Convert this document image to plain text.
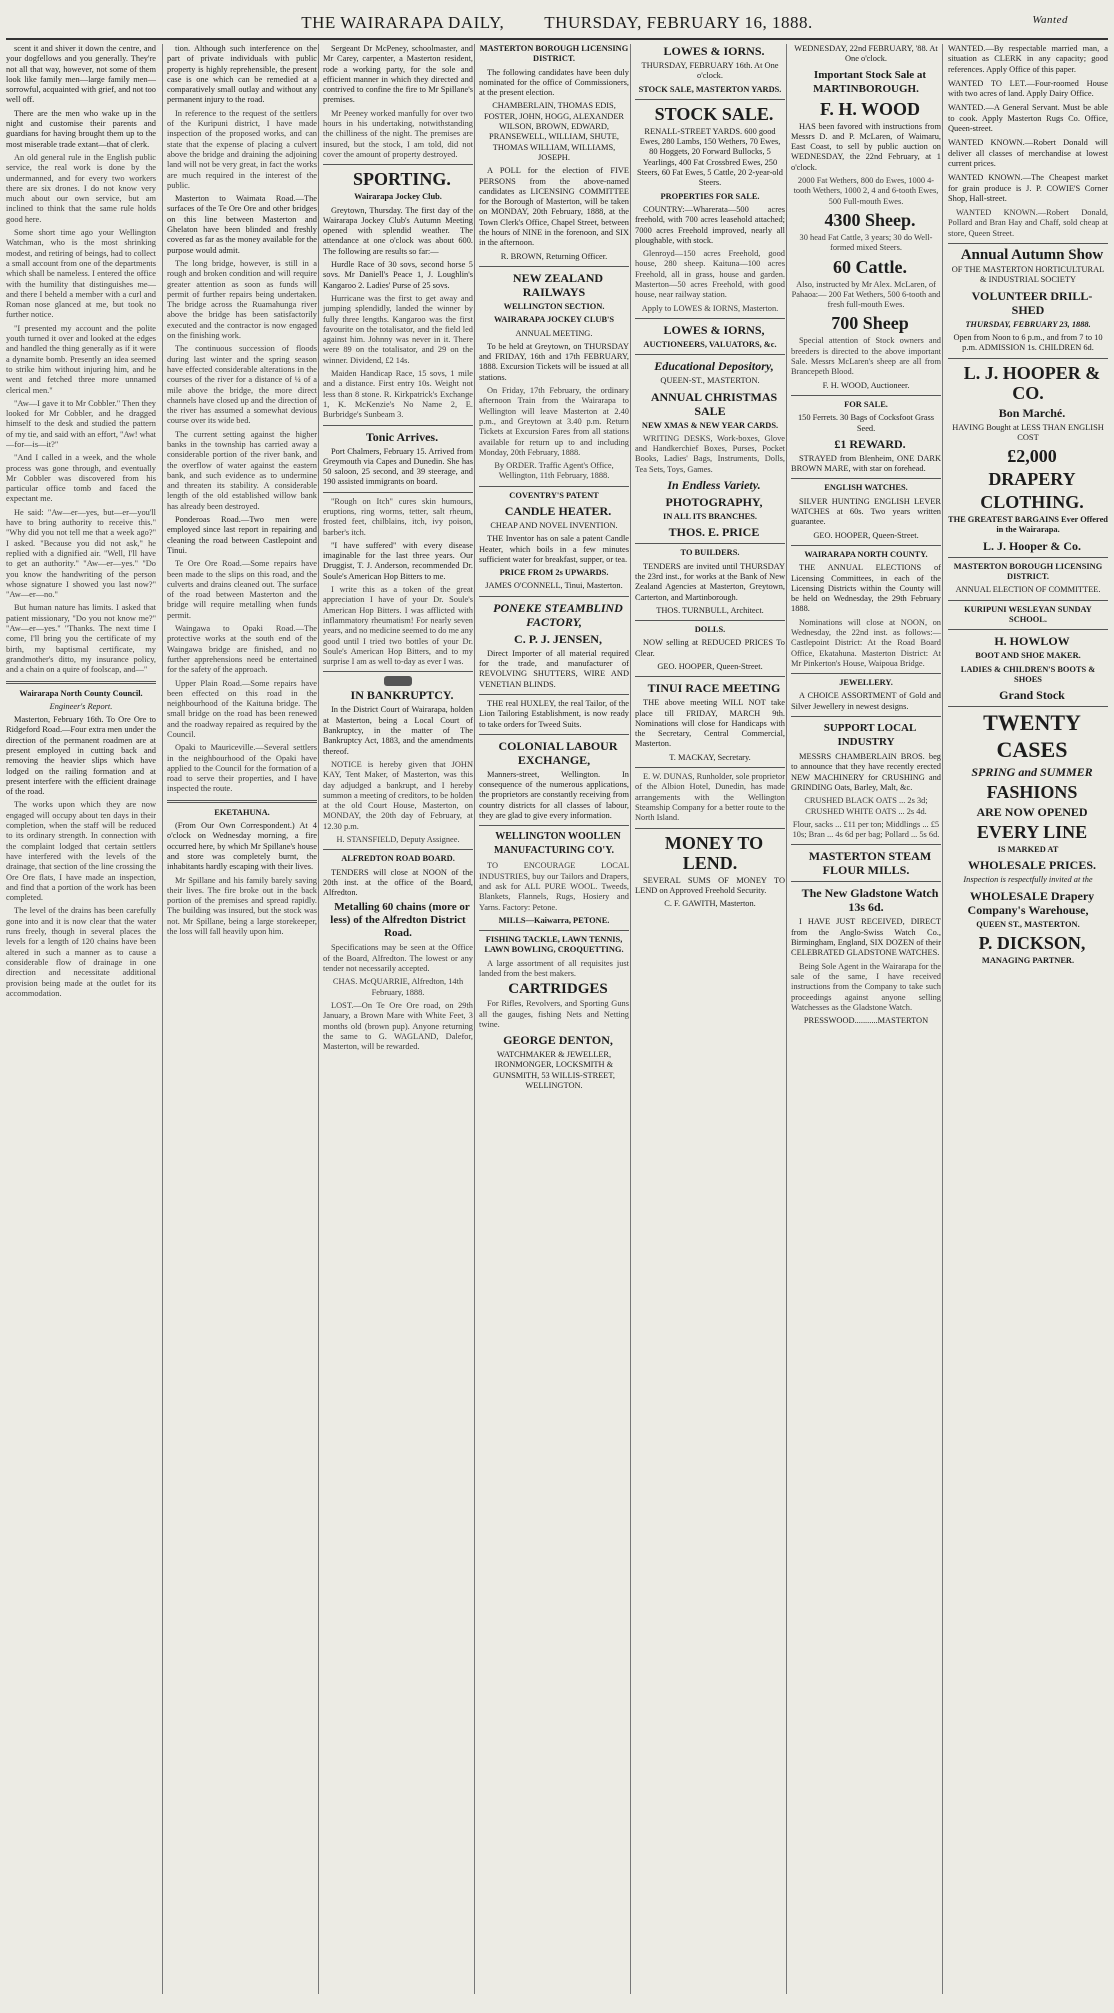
THE WAIRARAPA DAILY, THURSDAY, FEBRUARY 16, 1888.	Wanted

scent it and shiver it down the centre, and your dogfellows and you generally. They're not all that way, however, not some of them look like family men—large family men—sorrowful, acquainted with grief, and not too well off.

There are the men who wake up in the night and customise their parents and guardians for having brought them up to the most miserable trade extant—that of clerk.

An old general rule in the English public service, the real work is done by the undermanned, and for every two workers there are six drones. I do not know very much about our own service, but am inclined to think that the same rule holds good here.

Some short time ago your Wellington Watchman, who is the most shrinking modest, and retiring of beings, had to collect a small account from one of the departments which shall be nameless. I entered the office with the humility that distinguishes me—and there I beheld a member with a curl and Roman nose glanced at me, but took no further notice.

"I presented my account and the polite youth turned it over and looked at the edges and handled the thing generally as if it were a dynamite bomb. Presently an idea seemed to strike him without injuring him, and he went and fetched three more unnamed clerical men."

"Aw—I gave it to Mr Cobbler." Then they looked for Mr Cobbler, and he dragged himself to the desk and studied the pattern of my tie, and said with an effort, "Aw! what—for—is—it?"

"And I called in a week, and the whole process was gone through, and eventually Mr Cobbler was discovered from his particular office tomb and faced the expectant me.

He said: "Aw—er—yes, but—er—you'll have to bring authority to receive this." "Why did you not tell me that a week ago?" I asked. "Because you did not ask," he replied with a dignified air. "Well, I'll have to get an authority." "Aw—er—yes." "Do you know the handwriting of the person whose signature I showed you last now?" "Aw—er—no."

But human nature has limits. I asked that patient missionary, "Do you not know me?" "Aw—er—yes." "Thanks. The next time I come, I'll bring you the certificate of my birth, my baptismal certificate, my grandmother's ditto, my insurance policy, and a chain on a quire of foolscap, and—"

Wairarapa North County Council.

Engineer's Report.

Masterton, February 16th. To Ore Ore to Ridgeford Road.—Four extra men under the direction of the permanent roadmen are at present employed in cutting back and removing the heavier slips which have lodged on the railing formation and at present interfere with the efficient drainage of the road.

The works upon which they are now engaged will occupy about ten days in their completion, when the staff will be reduced to its ordinary strength. In connection with the complaint lodged that certain settlers have interfered with the levels of the drainage, that section of the line crossing the Ore Ore flats, I have made an inspection, and find that a portion of the work has been completed.

The level of the drains has been carefully gone into and it is now clear that the water runs freely, though in several places the levels for a length of 120 chains have been altered in such a manner as to cause a considerable flow of drainage in one direction and necessitate additional provision being made at the outlet for its accommodation.

tion. Although such interference on the part of private individuals with public property is highly reprehensible, the present case is one which can be remedied at a comparatively small outlay and without any permanent injury to the road.

In reference to the request of the settlers of the Kuripuni district, I have made inspection of the proposed works, and can state that the expense of placing a culvert above the bridge and draining the adjoining land will not be very great, in fact the works are much required in the interest of the public.

Masterton to Waimata Road.—The surfaces of the Te Ore Ore and other bridges on this line between Masterton and Ghelaton have been blinded and freshly covered as far as the money available for the purpose would admit.

The long bridge, however, is still in a rough and broken condition and will require greater attention as soon as funds will permit of further repairs being undertaken. The bridge across the Ruamahunga river above the bridge has been satisfactorily executed and the contractor is now engaged on the finishing work.

The continuous succession of floods during last winter and the spring season have effected considerable alterations in the courses of the river for a distance of ¼ of a mile above the bridge, the more direct channels have closed up and the direction of the river has assumed a somewhat devious course over its wide bed.

The current setting against the higher banks in the township has carried away a considerable portion of the river bank, and the overflow of water against the eastern bank, and such evidence as to undermine and threaten its stability. A considerable length of the old established willow bank has already been destroyed.

Ponderoas Road.—Two men were employed since last report in repairing and cleaning the road between Castlepoint and Tinui.

Te Ore Ore Road.—Some repairs have been made to the slips on this road, and the culverts and drains cleaned out. The surface of the road between Masterton and the bridge will require metalling when funds permit.

Waingawa to Opaki Road.—The protective works at the south end of the Waingawa bridge are finished, and no further apprehensions need be entertained for the safety of the approach.

Upper Plain Road.—Some repairs have been effected on this road in the neighbourhood of the Kaituna bridge. The small bridge on the road has been renewed and the roadway repaired as required by the Council.

Opaki to Mauriceville.—Several settlers in the neighbourhood of the Opaki have applied to the Council for the formation of a road to serve their properties, and I have inspected the route.

EKETAHUNA.

(From Our Own Correspondent.) At 4 o'clock on Wednesday morning, a fire occurred here, by which Mr Spillane's house and store was completely burnt, the inhabitants hardly escaping with their lives.

Mr Spillane and his family barely saving their lives. The fire broke out in the back portion of the premises and spread rapidly. The building was insured, but the stock was not. Mr Spillane, being a large storekeeper, the loss will fall heavily upon him.

Sergeant Dr McPeney, schoolmaster, and Mr Carey, carpenter, a Masterton resident, rode a working party, for the sole and efficient manner in which they directed and contrived to confine the fire to Mr Spillane's premises.

Mr Peeney worked manfully for over two hours in his undertaking, notwithstanding the chilliness of the night. The premises are insured, but the stock, I am told, did not cover the amount of property destroyed.

SPORTING.

Wairarapa Jockey Club.

Greytown, Thursday. The first day of the Wairarapa Jockey Club's Autumn Meeting opened with splendid weather. The attendance at one o'clock was about 600. The following are results so far:—

Hurdle Race of 30 sovs, second horse 5 sovs. Mr Daniell's Peace 1, J. Loughlin's Kangaroo 2. Ladies' Purse of 25 sovs.

Hurricane was the first to get away and jumping splendidly, landed the winner by fully three lengths. Kangaroo was the first favourite on the totalisator, and the field led against him. Johnny was never in it. There were 89 on the totalisator, and 29 on the winner. Dividend, £2 14s.

Maiden Handicap Race, 15 sovs, 1 mile and a distance. First entry 10s. Weight not less than 8 stone. R. Kirkpatrick's Exchange 1, K. McKenzie's No Name 2, E. Burbridge's Sunbeam 3.

Tonic Arrives.

Port Chalmers, February 15. Arrived from Greymouth via Capes and Dunedin. She has 50 saloon, 25 second, and 39 steerage, and 190 assisted immigrants on board.

"Rough on Itch" cures skin humours, eruptions, ring worms, tetter, salt rheum, frosted feet, chilblains, itch, ivy poison, barber's itch.

"I have suffered" with every disease imaginable for the last three years. Our Druggist, T. J. Anderson, recommended Dr. Soule's American Hop Bitters to me.

I write this as a token of the great appreciation I have of your Dr. Soule's American Hop Bitters. I was afflicted with inflammatory rheumatism! For nearly seven years, and no medicine seemed to do me any good until I tried two bottles of your Dr. Soule's American Hop Bitters, and to my surprise I am as well to-day as ever I was.

IN BANKRUPTCY.

In the District Court of Wairarapa, holden at Masterton, being a Local Court of Bankruptcy, in the matter of The Bankruptcy Act, 1883, and the amendments thereof.

NOTICE is hereby given that JOHN KAY, Tent Maker, of Masterton, was this day adjudged a bankrupt, and I hereby summon a meeting of creditors, to be holden at the old Court House, Masterton, on MONDAY, the 20th day of February, at 12.30 p.m.

H. STANSFIELD, Deputy Assignee.

ALFREDTON ROAD BOARD.

TENDERS will close at NOON of the 20th inst. at the office of the Board, Alfredton.

Metalling 60 chains (more or less) of the Alfredton District Road.

Specifications may be seen at the Office of the Board, Alfredton. The lowest or any tender not necessarily accepted.

CHAS. McQUARRIE, Alfredton, 14th February, 1888.

LOST.—On Te Ore Ore road, on 29th January, a Brown Mare with White Feet, 3 months old (brown pup). Anyone returning the same to G. WAGLAND, Dalefor, Masterton, will be rewarded.

MASTERTON BOROUGH LICENSING DISTRICT.

The following candidates have been duly nominated for the office of Commissioners, at the present election.

CHAMBERLAIN, THOMAS EDIS, FOSTER, JOHN, HOGG, ALEXANDER WILSON, BROWN, EDWARD, PRANSEWELL, WILLIAM, SHUTE, THOMAS WILLIAM, WILLIAMS, JOSEPH.

A POLL for the election of FIVE PERSONS from the above-named candidates as LICENSING COMMITTEE for the Borough of Masterton, will be taken on MONDAY, 20th February, 1888, at the Town Clerk's Office, Chapel Street, between the hours of NINE in the forenoon, and SIX in the afternoon.

R. BROWN, Returning Officer.

NEW ZEALAND RAILWAYS

WELLINGTON SECTION.

WAIRARAPA JOCKEY CLUB'S

ANNUAL MEETING.

To be held at Greytown, on THURSDAY and FRIDAY, 16th and 17th FEBRUARY, 1888. Excursion Tickets will be issued at all stations.

On Friday, 17th February, the ordinary afternoon Train from the Wairarapa to Wellington will leave Masterton at 2.40 p.m., and Greytown at 3.40 p.m. Return Tickets at Excursion Fares from all stations available for return up to and including Monday, 20th February, 1888.

By ORDER. Traffic Agent's Office, Wellington, 11th February, 1888.

COVENTRY'S PATENT

CANDLE HEATER.

CHEAP AND NOVEL INVENTION.

THE Inventor has on sale a patent Candle Heater, which boils in a few minutes sufficient water for breakfast, supper, or tea.

PRICE FROM 2s UPWARDS.

JAMES O'CONNELL, Tinui, Masterton.

PONEKE STEAMBLIND FACTORY,

C. P. J. JENSEN,

Direct Importer of all material required for the trade, and manufacturer of REVOLVING SHUTTERS, WIRE AND VENETIAN BLINDS.

THE real HUXLEY, the real Tailor, of the Lion Tailoring Establishment, is now ready to take orders for Tweed Suits.

COLONIAL LABOUR EXCHANGE,

Manners-street, Wellington. In consequence of the numerous applications, the proprietors are constantly receiving from country districts for all classes of labour, they are glad to give every information.

WELLINGTON WOOLLEN MANUFACTURING CO'Y.

TO ENCOURAGE LOCAL INDUSTRIES, buy our Tailors and Drapers, and ask for ALL PURE WOOL. Tweeds, Blankets, Flannels, Rugs, Hosiery and Yarns. Factory: Petone.

MILLS—Kaiwarra, PETONE.

FISHING TACKLE, LAWN TENNIS, LAWN BOWLING, CROQUETTING.

A large assortment of all requisites just landed from the best makers.

CARTRIDGES

For Rifles, Revolvers, and Sporting Guns all the gauges, fishing Nets and Netting twine.

GEORGE DENTON,

WATCHMAKER & JEWELLER, IRONMONGER, LOCKSMITH & GUNSMITH, 53 WILLIS-STREET, WELLINGTON.

LOWES & IORNS.

THURSDAY, FEBRUARY 16th. At One o'clock.

STOCK SALE, MASTERTON YARDS.

STOCK SALE.

RENALL-STREET YARDS. 600 good Ewes, 280 Lambs, 150 Wethers, 70 Ewes, 80 Hoggets, 20 Forward Bullocks, 5 Yearlings, 400 Fat Crossbred Ewes, 250 Steers, 60 Fat Ewes, 5 Cattle, 20 2-year-old Steers.

PROPERTIES FOR SALE.

COUNTRY:—Wharerata—500 acres freehold, with 700 acres leasehold attached; 7000 acres Freehold improved, nearly all ploughable, with stock.

Glenroyd—150 acres Freehold, good house, 280 sheep. Kaituna—100 acres Freehold, all in grass, house and garden. Masterton—50 acres Freehold, with good house, near railway station.

Apply to LOWES & IORNS, Masterton.

LOWES & IORNS,

AUCTIONEERS, VALUATORS, &c.

Educational Depository,

QUEEN-ST., MASTERTON.

ANNUAL CHRISTMAS SALE

NEW XMAS & NEW YEAR CARDS.

WRITING DESKS, Work-boxes, Glove and Handkerchief Boxes, Purses, Pocket Books, Ladies' Bags, Instruments, Dolls, Tea Sets, Toys, Games.

In Endless Variety.

PHOTOGRAPHY,

IN ALL ITS BRANCHES.

THOS. E. PRICE

TO BUILDERS.

TENDERS are invited until THURSDAY the 23rd inst., for works at the Bank of New Zealand Agencies at Masterton, Greytown, Carterton, and Martinborough.

THOS. TURNBULL, Architect.

DOLLS.

NOW selling at REDUCED PRICES To Clear.

GEO. HOOPER, Queen-Street.

TINUI RACE MEETING

THE above meeting WILL NOT take place till FRIDAY, MARCH 9th. Nominations will close for Handicaps with the Secretary, Central Commercial, Masterton.

T. MACKAY, Secretary.

E. W. DUNAS, Runholder, sole proprietor of the Albion Hotel, Dunedin, has made arrangements with the Wellington Steamship Company for a better route to the North Island.

MONEY TO LEND.

SEVERAL SUMS OF MONEY TO LEND on Approved Freehold Security.

C. F. GAWITH, Masterton.

WEDNESDAY, 22nd FEBRUARY, '88. At One o'clock.

Important Stock Sale at MARTINBOROUGH.

F. H. WOOD

HAS been favored with instructions from Messrs D. and P. McLaren, of Waimaru, East Coast, to sell by public auction on WEDNESDAY, the 22nd February, at 1 o'clock.

2000 Fat Wethers, 800 do Ewes, 1000 4-tooth Wethers, 1000 2, 4 and 6-tooth Ewes, 500 Full-mouth Ewes.

4300 Sheep.

30 head Fat Cattle, 3 years; 30 do Well-formed mixed Steers.

60 Cattle.

Also, instructed by Mr Alex. McLaren, of Pahaoa:— 200 Fat Wethers, 500 6-tooth and fresh full-mouth Ewes.

700 Sheep

Special attention of Stock owners and breeders is directed to the above important Sale. Messrs McLaren's sheep are all from Brancepeth Blood.

F. H. WOOD, Auctioneer.

FOR SALE.

150 Ferrets. 30 Bags of Cocksfoot Grass Seed.

£1 REWARD.

STRAYED from Blenheim, ONE DARK BROWN MARE, with star on forehead.

ENGLISH WATCHES.

SILVER HUNTING ENGLISH LEVER WATCHES at 60s. Two years written guarantee.

GEO. HOOPER, Queen-Street.

WAIRARAPA NORTH COUNTY.

THE ANNUAL ELECTIONS of Licensing Committees, in each of the Licensing Districts within the County will be held on Wednesday, the 29th February 1888.

Nominations will close at NOON, on Wednesday, the 22nd inst. as follows:— Castlepoint District: At the Road Board Office, Ekatahuna. Masterton District: At Mr Pinkerton's House, Waipoua Bridge.

JEWELLERY.

A CHOICE ASSORTMENT of Gold and Silver Jewellery in newest designs.

SUPPORT LOCAL INDUSTRY

MESSRS CHAMBERLAIN BROS. beg to announce that they have recently erected NEW MACHINERY for CRUSHING and GRINDING Oats, Barley, Malt, &c.

CRUSHED BLACK OATS ... 2s 3d; CRUSHED WHITE OATS ... 2s 4d.

Flour, sacks ... £11 per ton; Middlings ... £5 10s; Bran ... 4s 6d per bag; Pollard ... 5s 6d.

MASTERTON STEAM FLOUR MILLS.

The New Gladstone Watch 13s 6d.

I HAVE JUST RECEIVED, DIRECT from the Anglo-Swiss Watch Co., Birmingham, England, SIX DOZEN of their CELEBRATED GLADSTONE WATCHES.

Being Sole Agent in the Wairarapa for the sale of the same, I have received instructions from the Company to take such proceedings against anyone selling Watchesses as the Gladstone Watch.

PRESSWOOD...........MASTERTON

WANTED.—By respectable married man, a situation as CLERK in any capacity; good references. Apply Office of this paper.

WANTED TO LET.—Four-roomed House with two acres of land. Apply Dairy Office.

WANTED.—A General Servant. Must be able to cook. Apply Masterton Rugs Co. Office, Queen-street.

WANTED KNOWN.—Robert Donald will deliver all classes of merchandise at lowest current prices.

WANTED KNOWN.—The Cheapest market for grain produce is J. P. COWIE'S Corner Shop, Hall-street.

WANTED KNOWN.—Robert Donald, Pollard and Bran Hay and Chaff, sold cheap at store, Queen Street.

Annual Autumn Show

OF THE MASTERTON HORTICULTURAL & INDUSTRIAL SOCIETY

VOLUNTEER DRILL-SHED

THURSDAY, FEBRUARY 23, 1888.

Open from Noon to 6 p.m., and from 7 to 10 p.m. ADMISSION 1s. CHILDREN 6d.

L. J. HOOPER & CO.

Bon Marché.

HAVING Bought at LESS THAN ENGLISH COST

£2,000

DRAPERY

CLOTHING.

THE GREATEST BARGAINS Ever Offered in the Wairarapa.

L. J. Hooper & Co.

MASTERTON BOROUGH LICENSING DISTRICT.

ANNUAL ELECTION OF COMMITTEE.

KURIPUNI WESLEYAN SUNDAY SCHOOL.

H. HOWLOW

BOOT AND SHOE MAKER.

LADIES & CHILDREN'S BOOTS & SHOES

Grand Stock

TWENTY

CASES

SPRING and SUMMER

FASHIONS

ARE NOW OPENED

EVERY LINE

IS MARKED AT

WHOLESALE PRICES.

Inspection is respectfully invited at the

WHOLESALE Drapery Company's Warehouse,

QUEEN ST., MASTERTON.

P. DICKSON,

MANAGING PARTNER.
